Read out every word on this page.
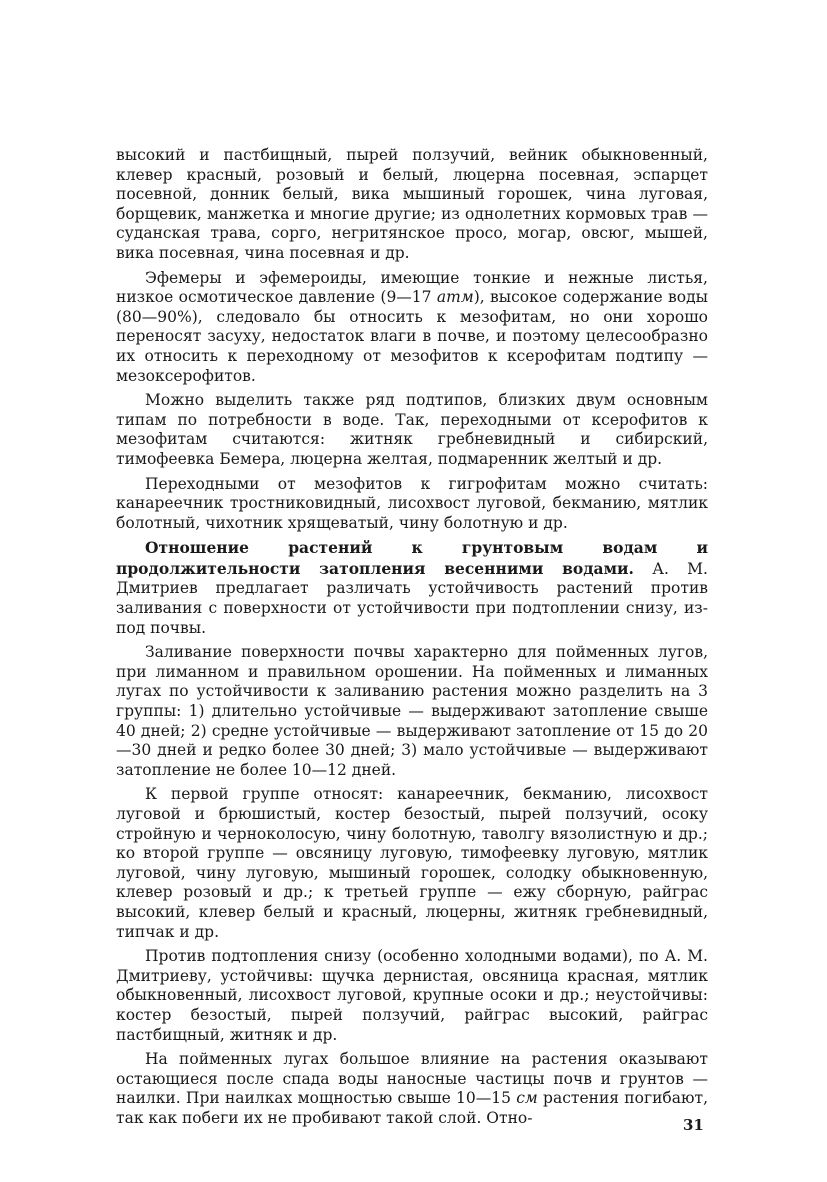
высокий и пастбищный, пырей ползучий, вейник обыкновенный, клевер красный, розовый и белый, люцерна посевная, эспарцет посевной, донник белый, вика мышиный горошек, чина луговая, борщевик, манжетка и многие другие; из однолетних кормовых трав — суданская трава, сорго, негритянское просо, могар, овсюг, мышей, вика посевная, чина посевная и др.

Эфемеры и эфемероиды, имеющие тонкие и нежные листья, низкое осмотическое давление (9—17 атм), высокое содержание воды (80—90%), следовало бы относить к мезофитам, но они хорошо переносят засуху, недостаток влаги в почве, и поэтому целесообразно их относить к переходному от мезофитов к ксерофитам подтипу — мезоксерофитов.

Можно выделить также ряд подтипов, близких двум основным типам по потребности в воде. Так, переходными от ксерофитов к мезофитам считаются: житняк гребневидный и сибирский, тимофеевка Бемера, люцерна желтая, подмаренник желтый и др.

Переходными от мезофитов к гигрофитам можно считать: канареечник тростниковидный, лисохвост луговой, бекманию, мятлик болотный, чихотник хрящеватый, чину болотную и др.

Отношение растений к грунтовым водам и продолжительности затопления весенними водами. А. М. Дмитриев предлагает различать устойчивость растений против заливания с поверхности от устойчивости при подтоплении снизу, из-под почвы.

Заливание поверхности почвы характерно для пойменных лугов, при лиманном и правильном орошении. На пойменных и лиманных лугах по устойчивости к заливанию растения можно разделить на 3 группы: 1) длительно устойчивые — выдерживают затопление свыше 40 дней; 2) средне устойчивые — выдерживают затопление от 15 до 20—30 дней и редко более 30 дней; 3) мало устойчивые — выдерживают затопление не более 10—12 дней.

К первой группе относят: канареечник, бекманию, лисохвост луговой и брюшистый, костер безостый, пырей ползучий, осоку стройную и черноколосую, чину болотную, таволгу вязолистную и др.; ко второй группе — овсяницу луговую, тимофеевку луговую, мятлик луговой, чину луговую, мышиный горошек, солодку обыкновенную, клевер розовый и др.; к третьей группе — ежу сборную, райграс высокий, клевер белый и красный, люцерны, житняк гребневидный, типчак и др.

Против подтопления снизу (особенно холодными водами), по А. М. Дмитриеву, устойчивы: щучка дернистая, овсяница красная, мятлик обыкновенный, лисохвост луговой, крупные осоки и др.; неустойчивы: костер безостый, пырей ползучий, райграс высокий, райграс пастбищный, житняк и др.

На пойменных лугах большое влияние на растения оказывают остающиеся после спада воды наносные частицы почв и грунтов — наилки. При наилках мощностью свыше 10—15 см растения погибают, так как побеги их не пробивают такой слой. Отно-	31
